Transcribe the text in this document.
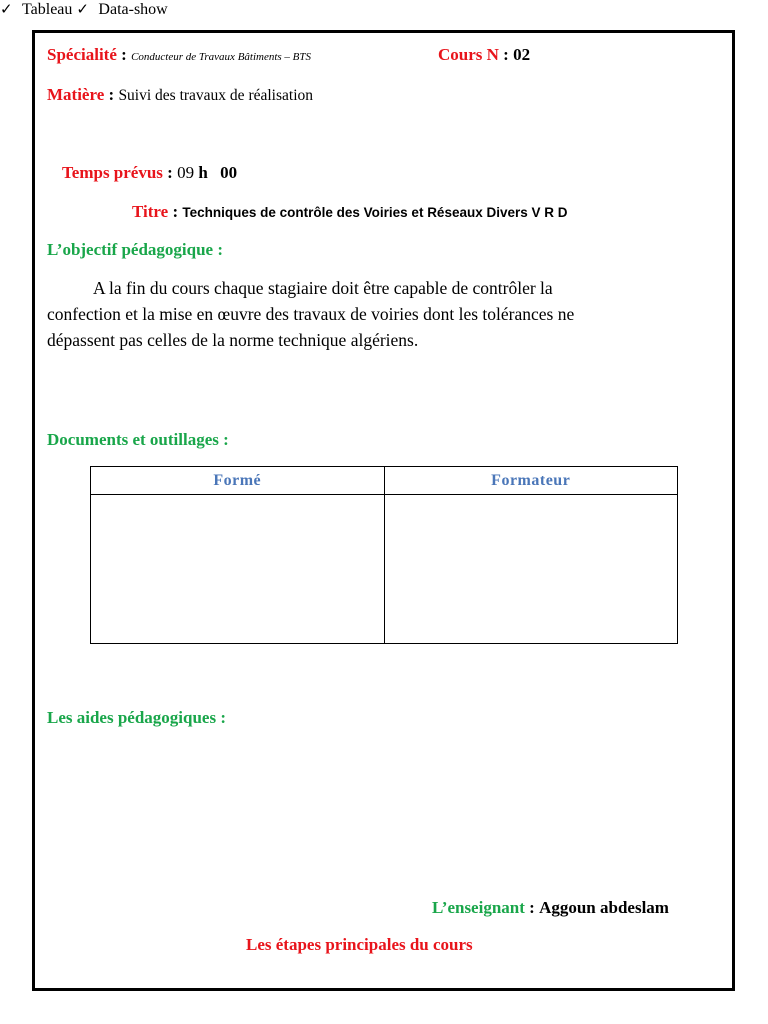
Spécialité : Conducteur de Travaux Bâtiments – BTS	Cours N : 02
Matière : Suivi des travaux de réalisation
Temps prévus : 09 h 00
Titre : Techniques de contrôle des Voiries et Réseaux Divers V R D
L’objectif pédagogique :
A la fin du cours chaque stagiaire doit être capable de contrôler la
confection et la mise en œuvre des travaux de voiries dont les tolérances ne
dépassent pas celles de la norme technique algériens.
Documents et outillages :
Formé	Formateur

Les aides pédagogiques :
✓ Tableau ✓ Data-show
L’enseignant : Aggoun abdeslam
Les étapes principales du cours
